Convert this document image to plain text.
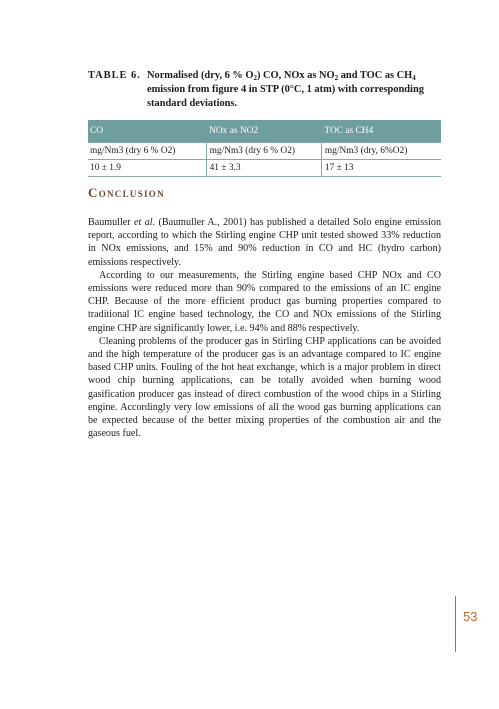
TABLE 6. Normalised (dry, 6 % $O_2$) CO, NOx as $NO_2$ and TOC as $CH_4$ emission from figure 4 in STP (0°C, 1 atm) with corresponding standard deviations.
CO	NOx as NO2	TOC as CH4
mg/Nm3 (dry 6 % O2)	mg/Nm3 (dry 6 % O2)	mg/Nm3 (dry, 6%O2)
10 ± 1.9	41 ± 3.3	17 ± 13
Conclusion

Baumuller et al. (Baumuller A., 2001) has published a detailed Solo engine emission report, according to which the Stirling engine CHP unit tested showed 33% reduction in NOx emissions, and 15% and 90% reduction in CO and HC (hydro carbon) emissions respectively.

According to our measurements, the Stirling engine based CHP NOx and CO emissions were reduced more than 90% compared to the emissions of an IC engine CHP. Because of the more efficient product gas burning properties compared to traditional IC engine based technology, the CO and NOx emissions of the Stirling engine CHP are significantly lower, i.e. 94% and 88% respectively.

Cleaning problems of the producer gas in Stirling CHP applications can be avoided and the high temperature of the producer gas is an advantage compared to IC engine based CHP units. Fouling of the hot heat exchange, which is a major problem in direct wood chip burning applications, can be totally avoided when burning wood gasification producer gas instead of direct combustion of the wood chips in a Stirling engine. Accordingly very low emissions of all the wood gas burning applications can be expected because of the better mixing properties of the combustion air and the gaseous fuel.

53
